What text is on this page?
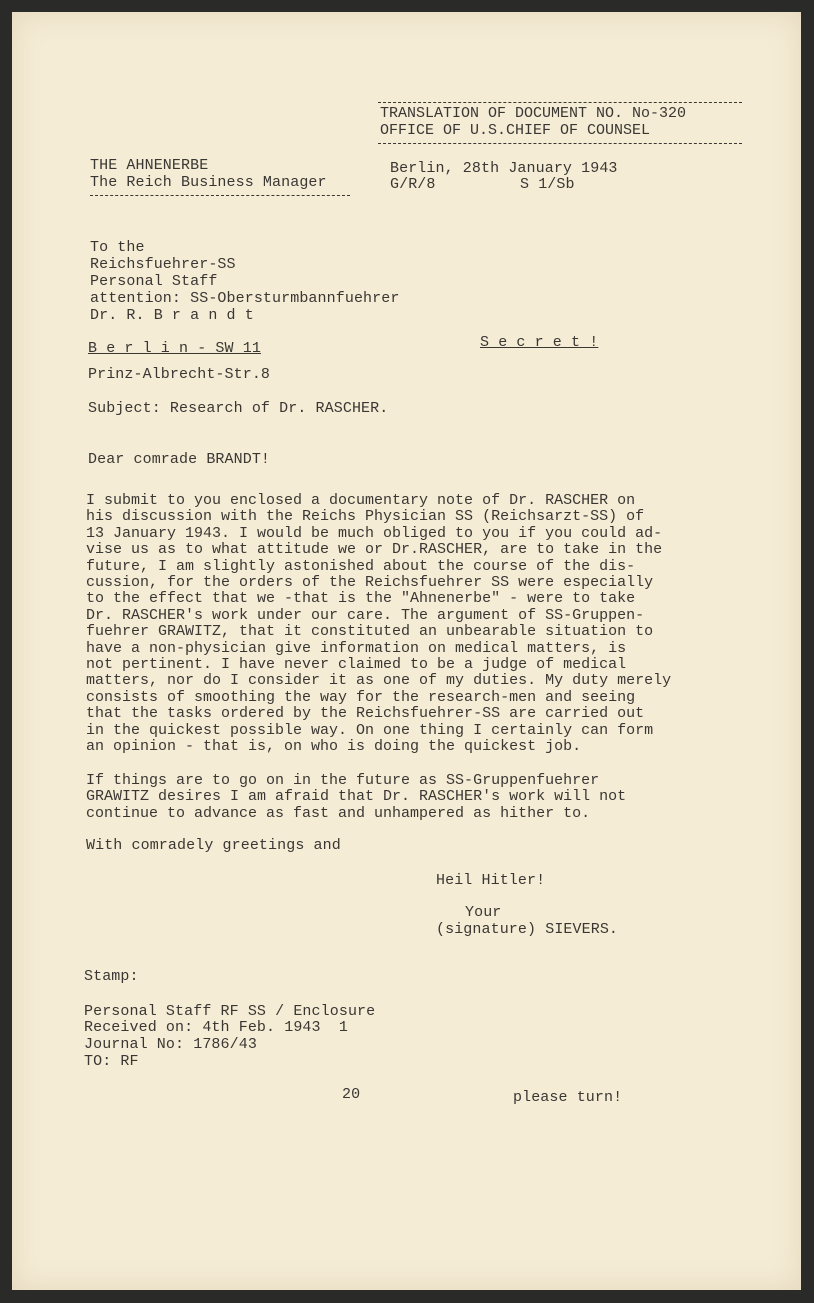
TRANSLATION OF DOCUMENT NO. No-320
OFFICE OF U.S.CHIEF OF COUNSEL
THE AHNENERBE
The Reich Business Manager
Berlin, 28th January 1943
G/R/8	S 1/Sb
To the
Reichsfuehrer-SS
Personal Staff
attention: SS-Obersturmbannfuehrer
Dr. R. B r a n d t
B e r l i n - SW 11	S e c r e t !
Prinz-Albrecht-Str.8
Subject: Research of Dr. RASCHER.
Dear comrade BRANDT!
I submit to you enclosed a documentary note of Dr. RASCHER on
his discussion with the Reichs Physician SS (Reichsarzt-SS) of
13 January 1943. I would be much obliged to you if you could ad-
vise us as to what attitude we or Dr.RASCHER, are to take in the
future, I am slightly astonished about the course of the dis-
cussion, for the orders of the Reichsfuehrer SS were especially
to the effect that we -that is the "Ahnenerbe" - were to take
Dr. RASCHER's work under our care. The argument of SS-Gruppen-
fuehrer GRAWITZ, that it constituted an unbearable situation to
have a non-physician give information on medical matters, is
not pertinent. I have never claimed to be a judge of medical
matters, nor do I consider it as one of my duties. My duty merely
consists of smoothing the way for the research-men and seeing
that the tasks ordered by the Reichsfuehrer-SS are carried out
in the quickest possible way. On one thing I certainly can form
an opinion - that is, on who is doing the quickest job.
If things are to go on in the future as SS-Gruppenfuehrer
GRAWITZ desires I am afraid that Dr. RASCHER's work will not
continue to advance as fast and unhampered as hither to.
With comradely greetings and
Heil Hitler!
Your
(signature) SIEVERS.
Stamp:
Personal Staff RF SS / Enclosure
Received on: 4th Feb. 1943  1
Journal No: 1786/43
TO: RF
20	please turn!
